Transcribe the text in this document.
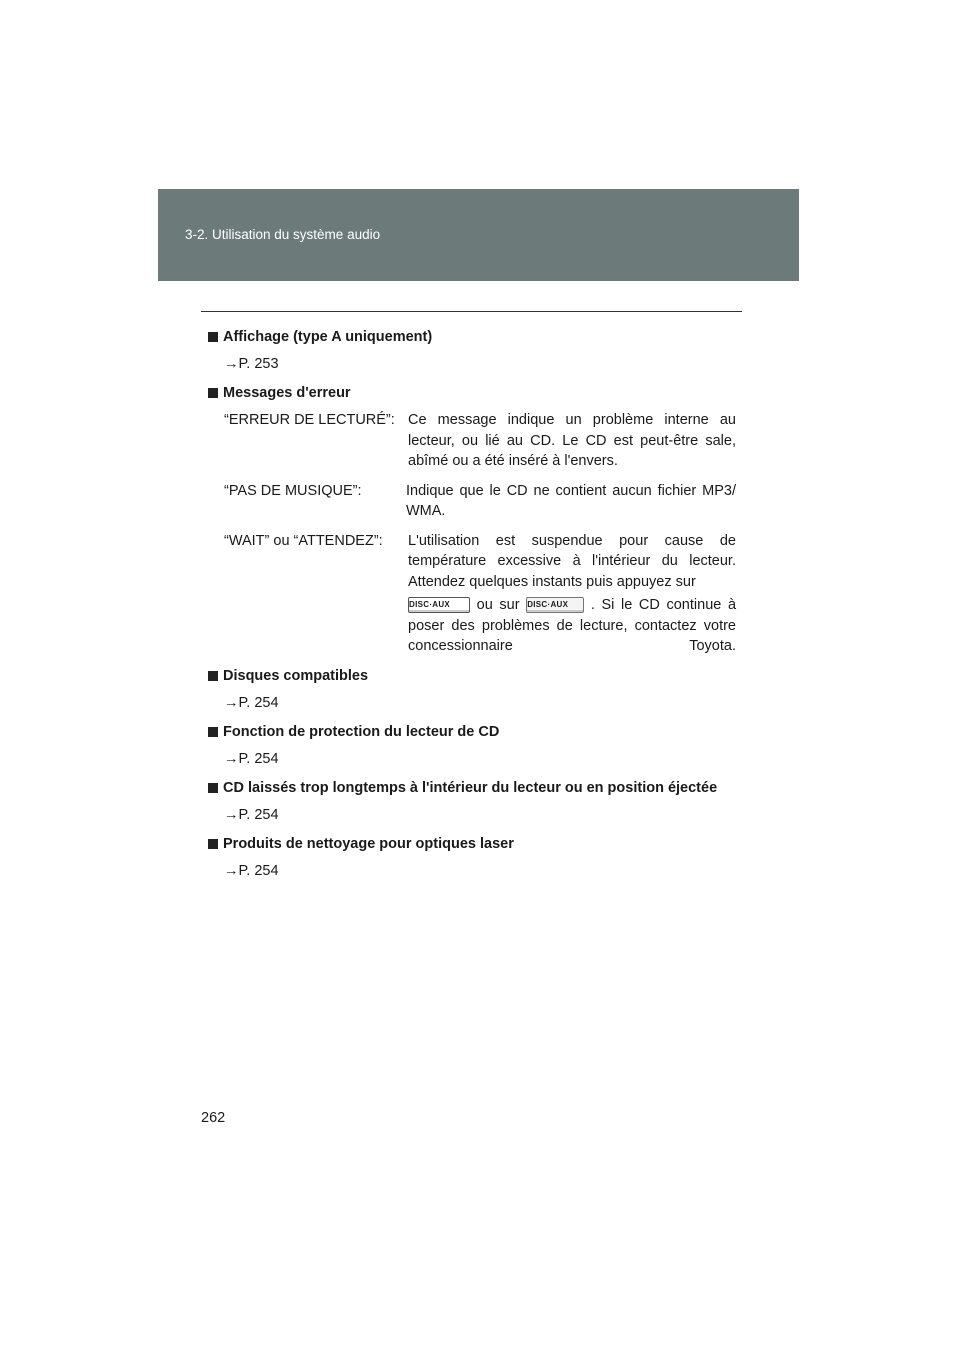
3-2. Utilisation du système audio
Affichage (type A uniquement)
→P. 253
Messages d'erreur
“ERREUR DE LECTURÉ”: Ce message indique un problème interne au lecteur, ou lié au CD. Le CD est peut-être sale, abîmé ou a été inséré à l'envers.
“PAS DE MUSIQUE”:	Indique que le CD ne contient aucun fichier MP3/ WMA.
“WAIT” ou “ATTENDEZ”:	L'utilisation est suspendue pour cause de température excessive à l'intérieur du lecteur. Attendez quelques instants puis appuyez sur
DISC·AUX ou sur DISC·AUX . Si le CD continue à poser des problèmes de lecture, contactez votre concessionnaire Toyota.
Disques compatibles
→P. 254
Fonction de protection du lecteur de CD
→P. 254
CD laissés trop longtemps à l'intérieur du lecteur ou en position éjectée
→P. 254
Produits de nettoyage pour optiques laser
→P. 254
262
